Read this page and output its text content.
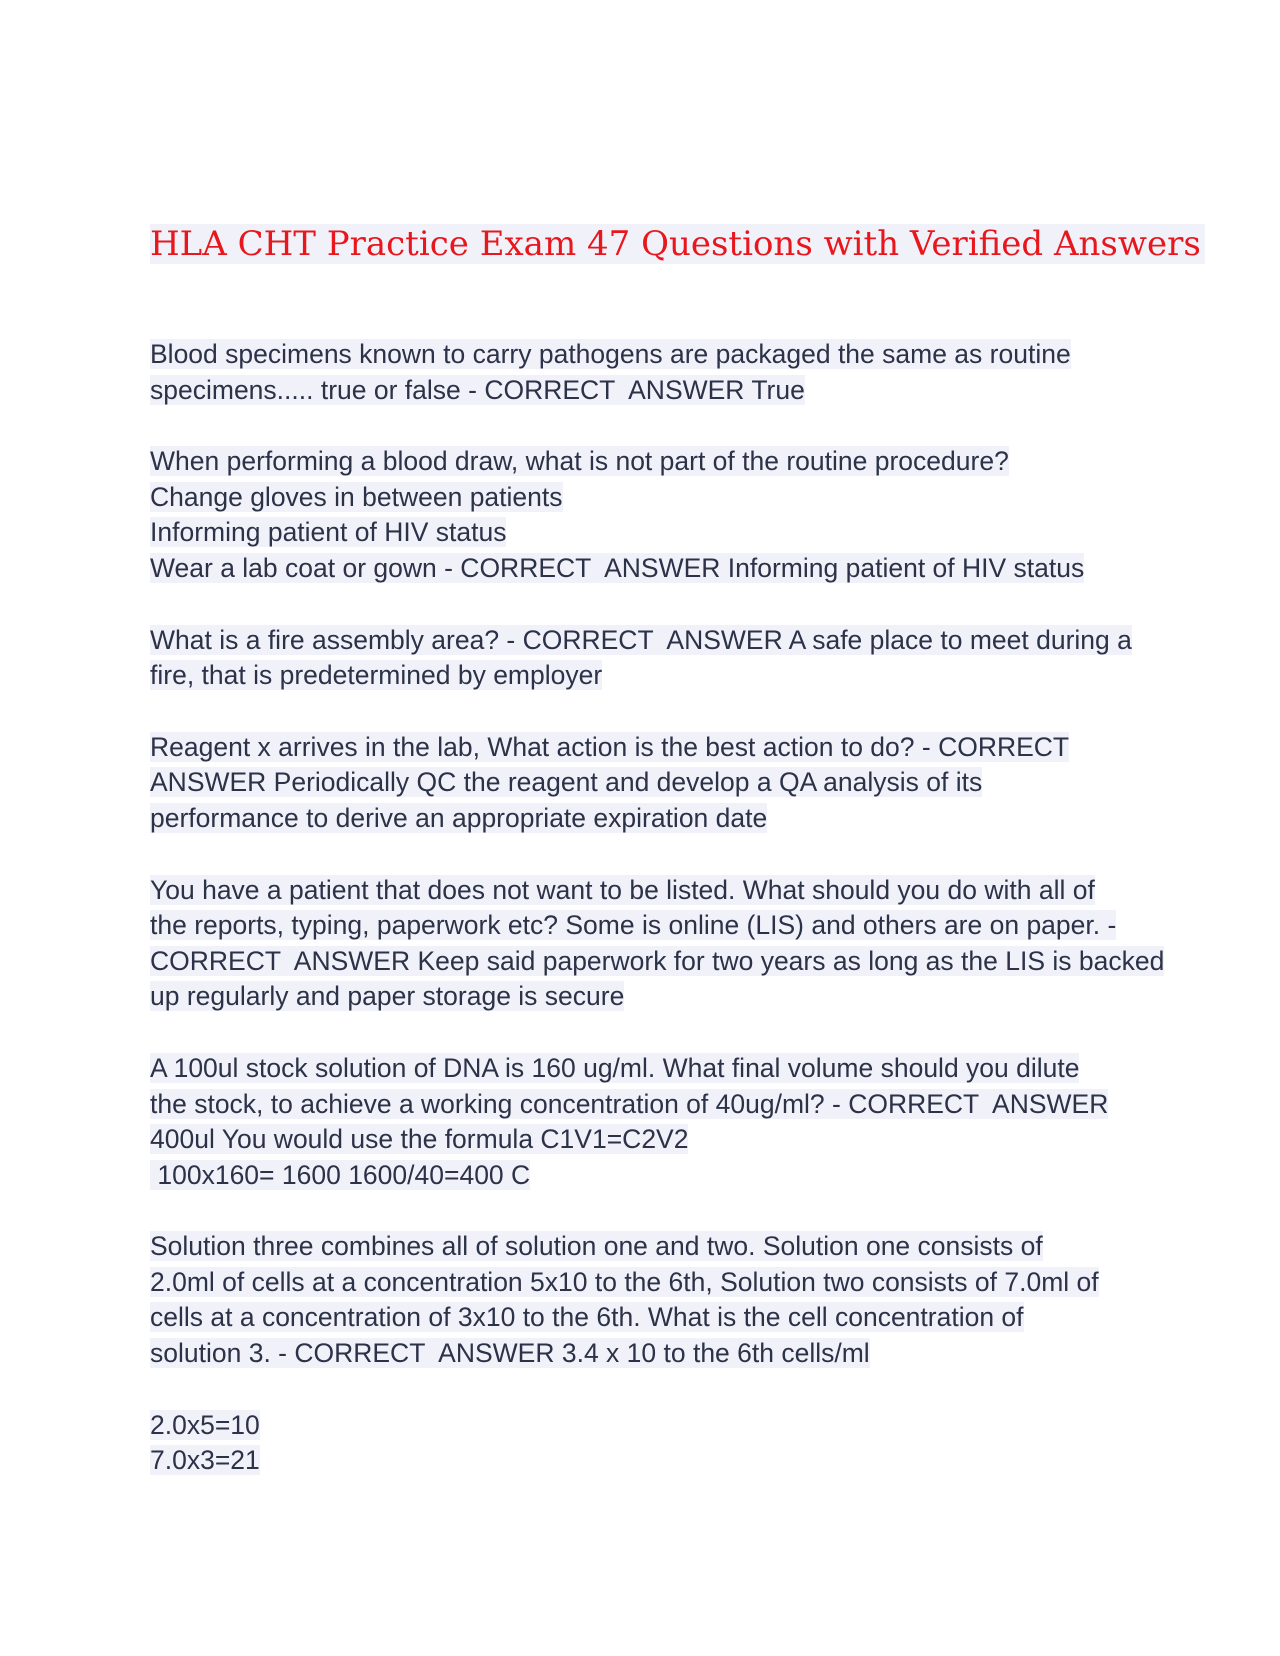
HLA CHT Practice Exam 47 Questions with Verified Answers
Blood specimens known to carry pathogens are packaged the same as routine
specimens..... true or false - CORRECT  ANSWER True
When performing a blood draw, what is not part of the routine procedure?
Change gloves in between patients
Informing patient of HIV status
Wear a lab coat or gown - CORRECT  ANSWER Informing patient of HIV status
What is a fire assembly area? - CORRECT  ANSWER A safe place to meet during a
fire, that is predetermined by employer
Reagent x arrives in the lab, What action is the best action to do? - CORRECT
ANSWER Periodically QC the reagent and develop a QA analysis of its
performance to derive an appropriate expiration date
You have a patient that does not want to be listed. What should you do with all of
the reports, typing, paperwork etc? Some is online (LIS) and others are on paper. -
CORRECT  ANSWER Keep said paperwork for two years as long as the LIS is backed
up regularly and paper storage is secure
A 100ul stock solution of DNA is 160 ug/ml. What final volume should you dilute
the stock, to achieve a working concentration of 40ug/ml? - CORRECT  ANSWER
400ul You would use the formula C1V1=C2V2
100x160= 1600 1600/40=400 C
Solution three combines all of solution one and two. Solution one consists of
2.0ml of cells at a concentration 5x10 to the 6th, Solution two consists of 7.0ml of
cells at a concentration of 3x10 to the 6th. What is the cell concentration of
solution 3. - CORRECT  ANSWER 3.4 x 10 to the 6th cells/ml
2.0x5=10
7.0x3=21
